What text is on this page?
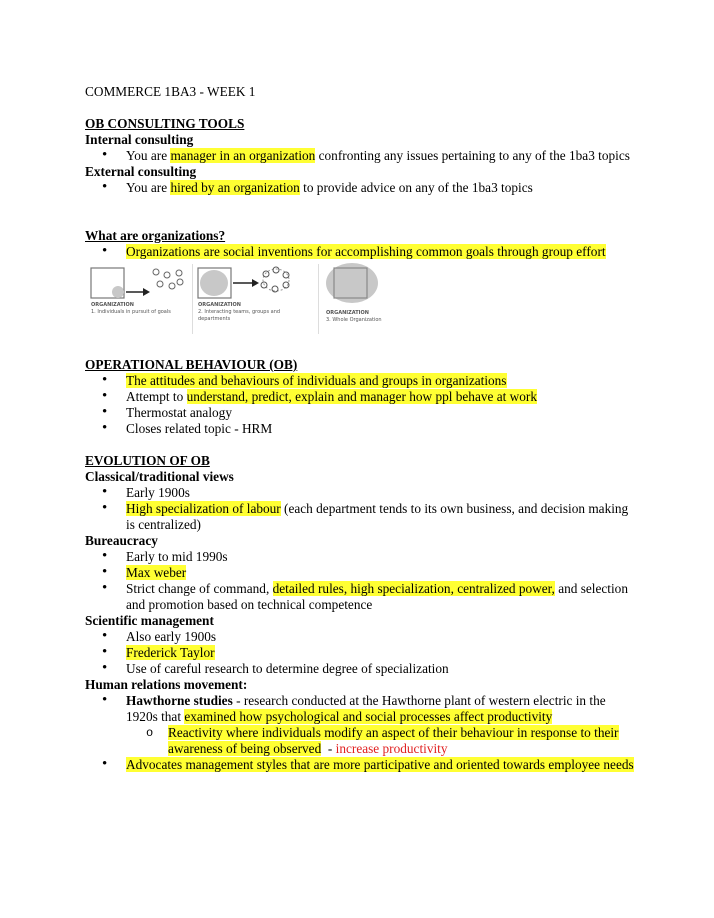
COMMERCE 1BA3 - WEEK 1

OB CONSULTING TOOLS

Internal consulting

• You are manager in an organization confronting any issues pertaining to any of the 1ba3 topics

External consulting

• You are hired by an organization to provide advice on any of the 1ba3 topics

What are organizations?

• Organizations are social inventions for accomplishing common goals through group effort
ORGANIZATION
1. Individuals in pursuit of goals
ORGANIZATION
2. Interacting teams, groups and
departments
ORGANIZATION
3. Whole Organization

OPERATIONAL BEHAVIOUR (OB)

• The attitudes and behaviours of individuals and groups in organizations
• Attempt to understand, predict, explain and manager how ppl behave at work
• Thermostat analogy
• Closes related topic - HRM

EVOLUTION OF OB

Classical/traditional views

• Early 1900s
• High specialization of labour (each department tends to its own business, and decision making is centralized)

Bureaucracy

• Early to mid 1990s
• Max weber
• Strict change of command, detailed rules, high specialization, centralized power, and selection and promotion based on technical competence

Scientific management

• Also early 1900s
• Frederick Taylor
• Use of careful research to determine degree of specialization

Human relations movement:

• Hawthorne studies - research conducted at the Hawthorne plant of western electric in the 1920s that examined how psychological and social processes affect productivity
o Reactivity where individuals modify an aspect of their behaviour in response to their awareness of being observed  - increase productivity
• Advocates management styles that are more participative and oriented towards employee needs
